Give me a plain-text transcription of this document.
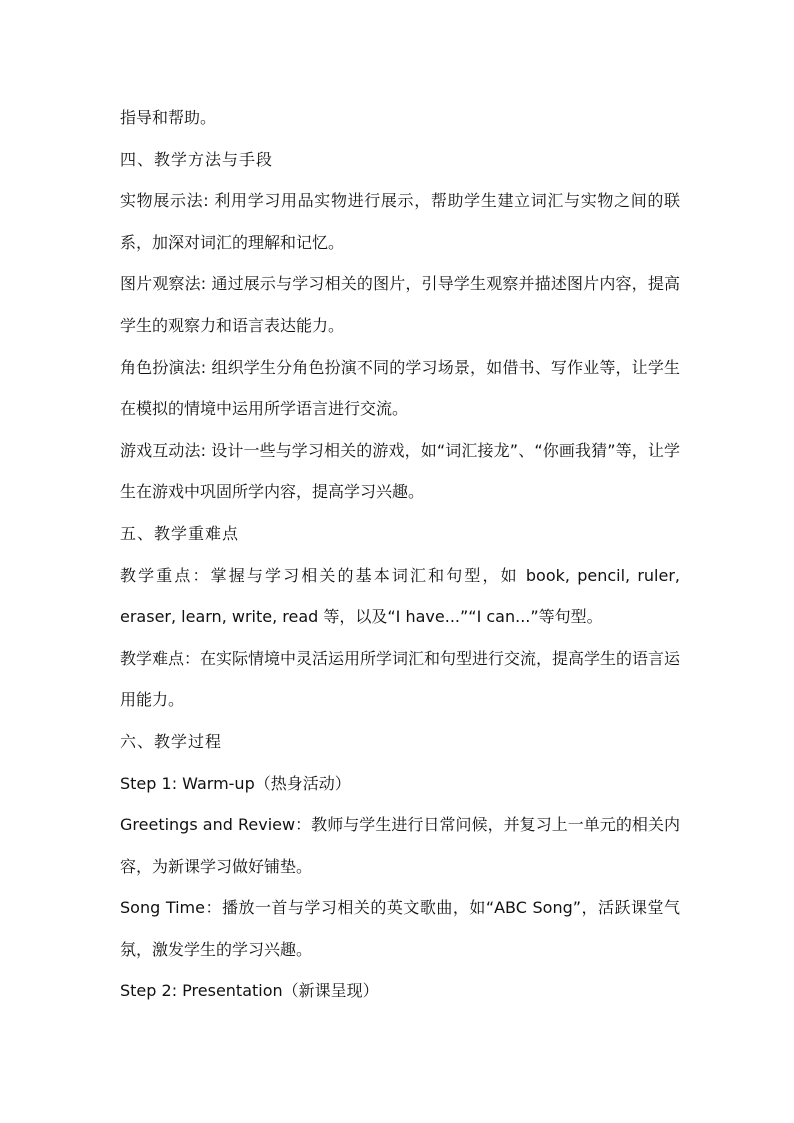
指导和帮助。

四、教学方法与手段

实物展示法: 利用学习用品实物进行展示，帮助学生建立词汇与实物之间的联系，加深对词汇的理解和记忆。

图片观察法: 通过展示与学习相关的图片，引导学生观察并描述图片内容，提高学生的观察力和语言表达能力。

角色扮演法: 组织学生分角色扮演不同的学习场景，如借书、写作业等，让学生在模拟的情境中运用所学语言进行交流。

游戏互动法: 设计一些与学习相关的游戏，如“词汇接龙”、“你画我猜”等，让学生在游戏中巩固所学内容，提高学习兴趣。

五、教学重难点

教学重点：掌握与学习相关的基本词汇和句型，如 book, pencil, ruler, eraser, learn, write, read 等，以及“I have...”“I can...”等句型。

教学难点：在实际情境中灵活运用所学词汇和句型进行交流，提高学生的语言运用能力。

六、教学过程

Step 1: Warm-up（热身活动）

Greetings and Review：教师与学生进行日常问候，并复习上一单元的相关内容，为新课学习做好铺垫。

Song Time：播放一首与学习相关的英文歌曲，如“ABC Song”，活跃课堂气氛，激发学生的学习兴趣。

Step 2: Presentation（新课呈现）
